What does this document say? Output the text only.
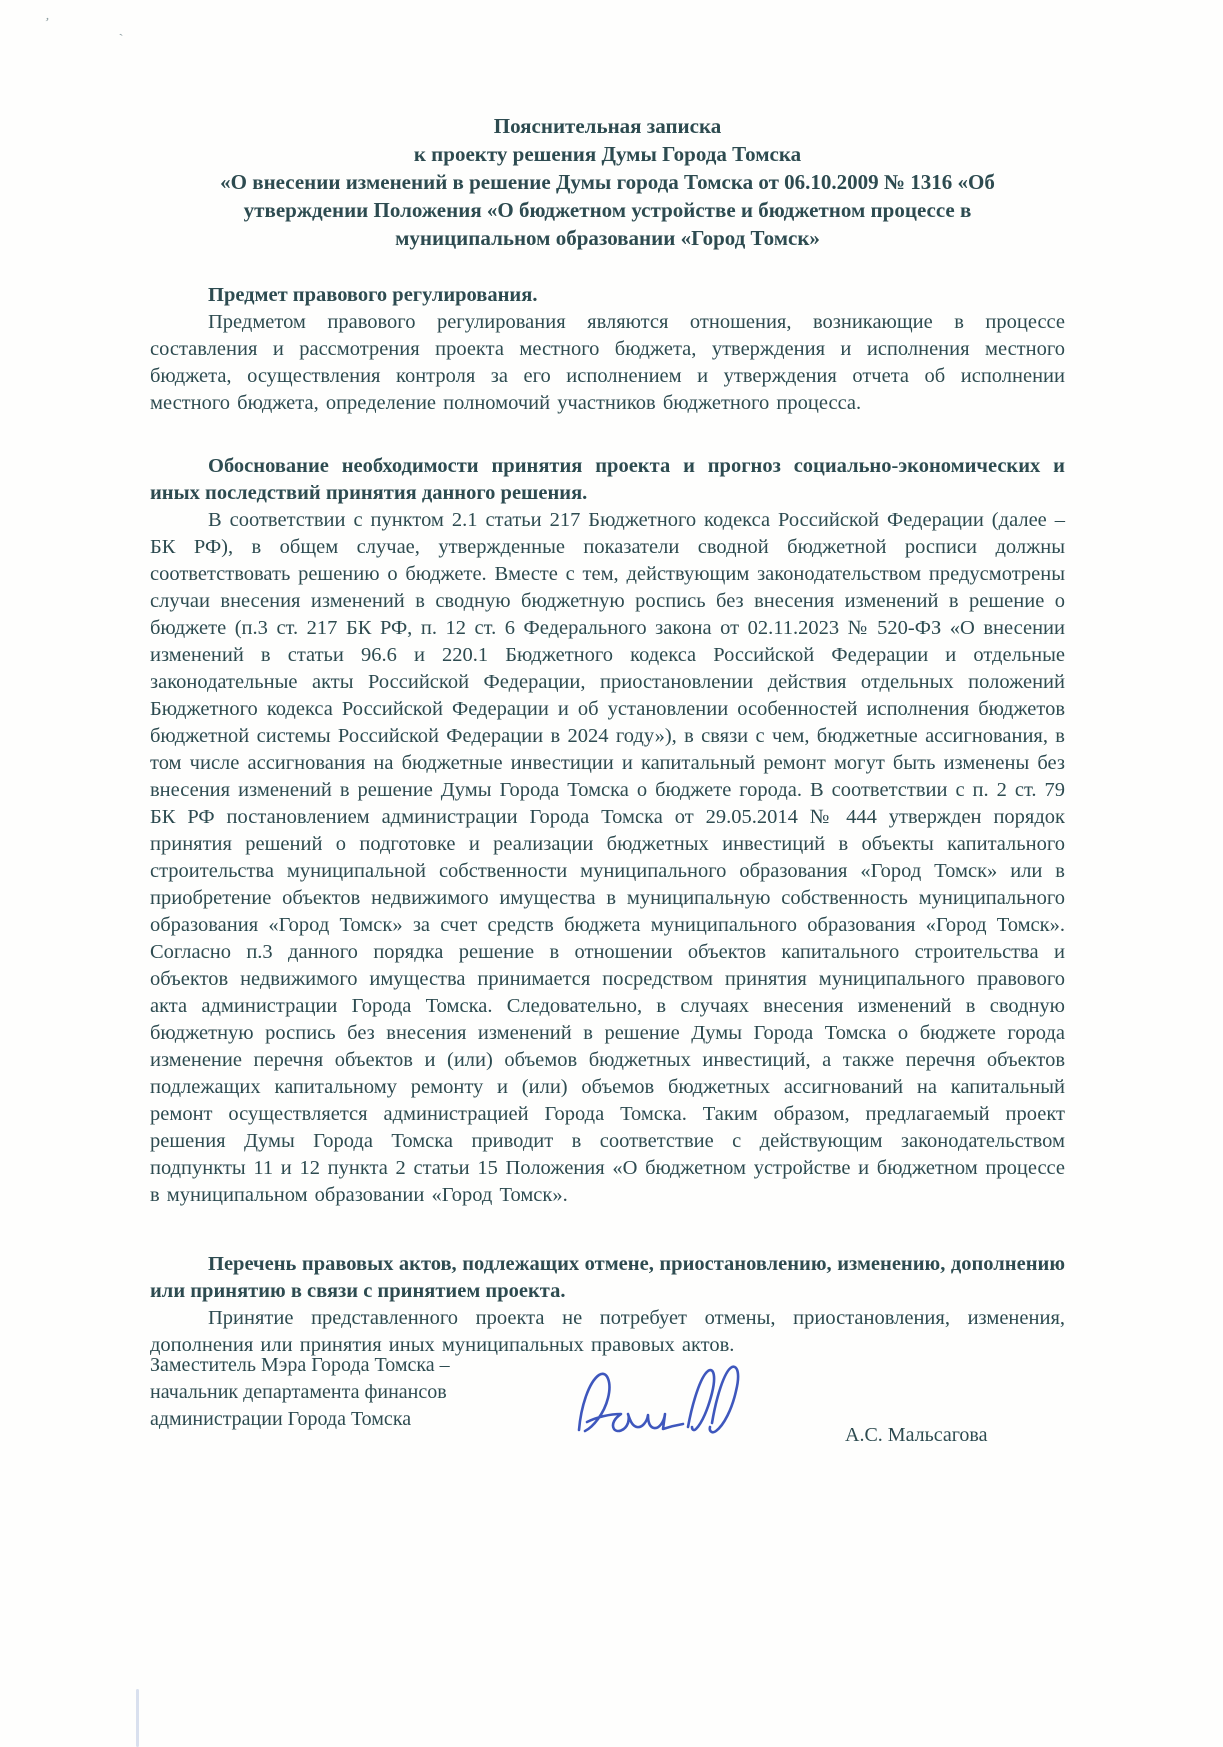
ʼ	ˏ
Пояснительная записка
к проекту решения Думы Города Томска
«О внесении изменений в решение Думы города Томска от 06.10.2009 № 1316 «Об
утверждении Положения «О бюджетном устройстве и бюджетном процессе в
муниципальном образовании «Город Томск»

Предмет правового регулирования.

Предметом правового регулирования являются отношения, возникающие в процессе составления и рассмотрения проекта местного бюджета, утверждения и исполнения местного бюджета, осуществления контроля за его исполнением и утверждения отчета об исполнении местного бюджета, определение полномочий участников бюджетного процесса.

Обоснование необходимости принятия проекта и прогноз социально-экономических и иных последствий принятия данного решения.

В соответствии с пунктом 2.1 статьи 217 Бюджетного кодекса Российской Федерации (далее – БК РФ), в общем случае, утвержденные показатели сводной бюджетной росписи должны соответствовать решению о бюджете. Вместе с тем, действующим законодательством предусмотрены случаи внесения изменений в сводную бюджетную роспись без внесения изменений в решение о бюджете (п.3 ст. 217 БК РФ, п. 12 ст. 6 Федерального закона от 02.11.2023 № 520-ФЗ «О внесении изменений в статьи 96.6 и 220.1 Бюджетного кодекса Российской Федерации и отдельные законодательные акты Российской Федерации, приостановлении действия отдельных положений Бюджетного кодекса Российской Федерации и об установлении особенностей исполнения бюджетов бюджетной системы Российской Федерации в 2024 году»), в связи с чем, бюджетные ассигнования, в том числе ассигнования на бюджетные инвестиции и капитальный ремонт могут быть изменены без внесения изменений в решение Думы Города Томска о бюджете города. В соответствии с п. 2 ст. 79 БК РФ постановлением администрации Города Томска от 29.05.2014 № 444 утвержден порядок принятия решений о подготовке и реализации бюджетных инвестиций в объекты капитального строительства муниципальной собственности муниципального образования «Город Томск» или в приобретение объектов недвижимого имущества в муниципальную собственность муниципального образования «Город Томск» за счет средств бюджета муниципального образования «Город Томск». Согласно п.3 данного порядка решение в отношении объектов капитального строительства и объектов недвижимого имущества принимается посредством принятия муниципального правового акта администрации Города Томска. Следовательно, в случаях внесения изменений в сводную бюджетную роспись без внесения изменений в решение Думы Города Томска о бюджете города изменение перечня объектов и (или) объемов бюджетных инвестиций, а также перечня объектов подлежащих капитальному ремонту и (или) объемов бюджетных ассигнований на капитальный ремонт осуществляется администрацией Города Томска. Таким образом, предлагаемый проект решения Думы Города Томска приводит в соответствие с действующим законодательством подпункты 11 и 12 пункта 2 статьи 15 Положения «О бюджетном устройстве и бюджетном процессе в муниципальном образовании «Город Томск».

Перечень правовых актов, подлежащих отмене, приостановлению, изменению, дополнению или принятию в связи с принятием проекта.

Принятие представленного проекта не потребует отмены, приостановления, изменения, дополнения или принятия иных муниципальных правовых актов.

Заместитель Мэра Города Томска –
начальник департамента финансов
администрации Города Томска
А.С. Мальсагова
